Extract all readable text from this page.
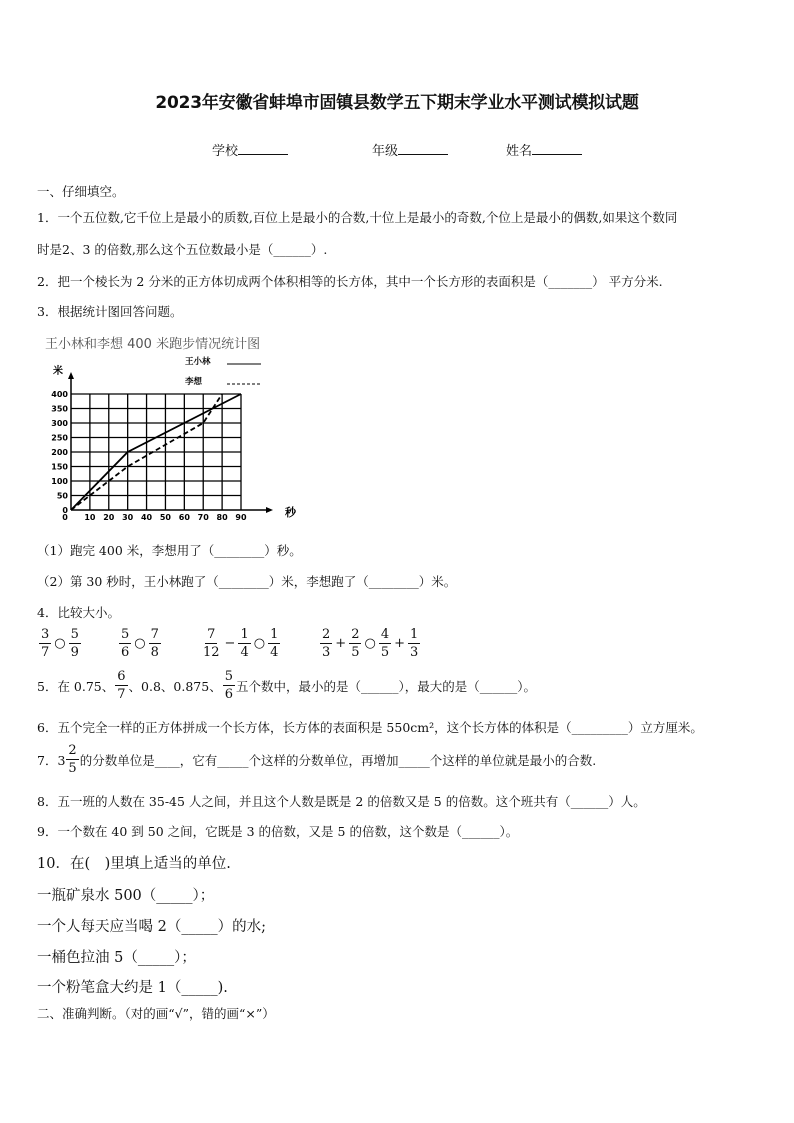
2023年安徽省蚌埠市固镇县数学五下期末学业水平测试模拟试题
学校	年级	姓名
一、仔细填空。
1．一个五位数,它千位上是最小的质数,百位上是最小的合数,十位上是最小的奇数,个位上是最小的偶数,如果这个数同
时是2、3 的倍数,那么这个五位数最小是（______）.
2．把一个棱长为 2 分米的正方体切成两个体积相等的长方体，其中一个长方形的表面积是（_______） 平方分米.
3．根据统计图回答问题。
王小林和李想 400 米跑步情况统计图
米
秒
0
50
100
150
200
250
300
350
400
0 10 20 30 40 50 60 70 80 90
王小林
李想
（1）跑完 400 米，李想用了（________）秒。
（2）第 30 秒时，王小林跑了（________）米，李想跑了（________）米。
4．比较大小。
$\frac{3}{7}$ ○ $\frac{5}{9}$	$\frac{5}{6}$ ○ $\frac{7}{8}$	$\frac{7}{12} - \frac{1}{4}$ ○ $\frac{1}{4}$	$\frac{2}{3} + \frac{2}{5}$ ○ $\frac{4}{5} + \frac{1}{3}$
5．在 0.75、 $\frac{6}{7}$ 、0.8、0.875、 $\frac{5}{6}$ 五个数中，最小的是（______），最大的是（______）。
6．五个完全一样的正方体拼成一个长方体，长方体的表面积是 550cm²，这个长方体的体积是（_________）立方厘米。
7．$3 \frac{2}{5}$ 的分数单位是____，它有_____个这样的分数单位，再增加_____个这样的单位就是最小的合数.
8．五一班的人数在 35-45 人之间，并且这个人数是既是 2 的倍数又是 5 的倍数。这个班共有（______）人。
9．一个数在 40 到 50 之间，它既是 3 的倍数，又是 5 的倍数，这个数是（______）。
10．在(　)里填上适当的单位.
一瓶矿泉水 500（_____）；
一个人每天应当喝 2（_____）的水;
一桶色拉油 5（_____）；
一个粉笔盒大约是 1（_____).
二、准确判断。（对的画“√”，错的画“×”）
